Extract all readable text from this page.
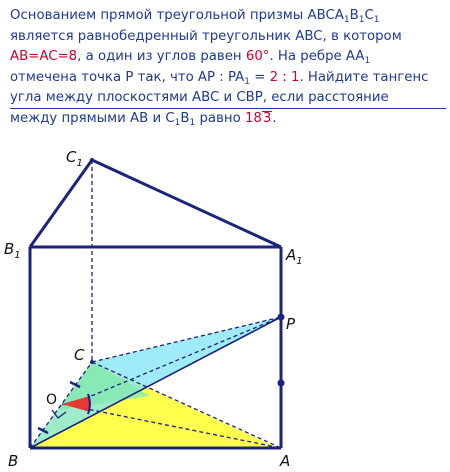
Основанием прямой треугольной призмы $ABCA_1B_1C_1$ является равнобедренный треугольник ABC, в котором AB=AC=8, а один из углов равен 60°. На ребре $AA_1$ отмечена точка P так, что AP : $PA_1 = 2$ : 1. Найдите тангенс угла между плоскостями ABC и CBP, если расстояние между прямыми AB и $C_1B_1$ равно 183.
$C_1$
$B_1$	$A_1$
P
C
O
B	A
